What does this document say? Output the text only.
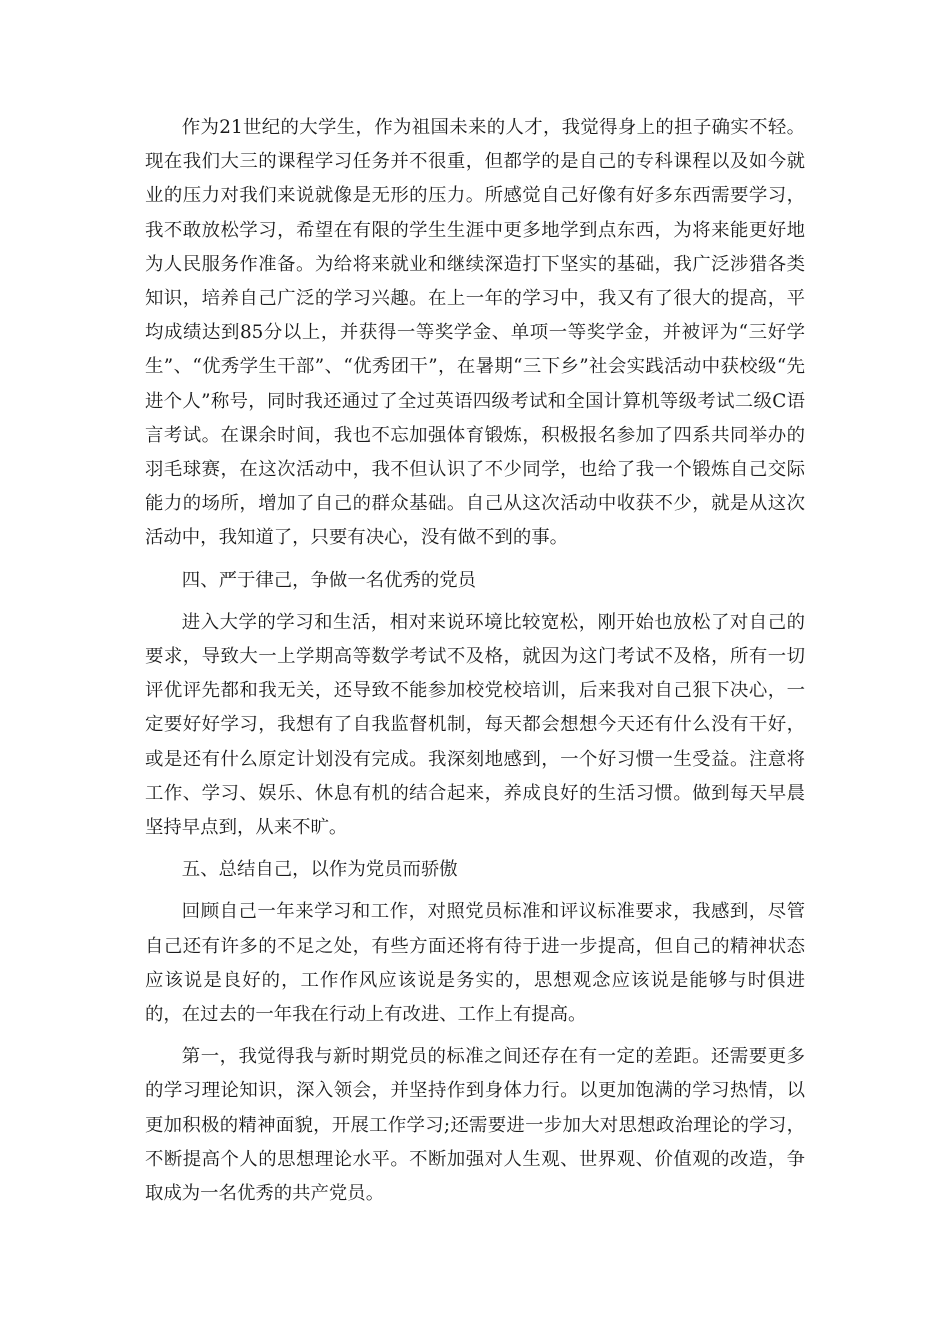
作为21世纪的大学生，作为祖国未来的人才，我觉得身上的担子确实不轻。现在我们大三的课程学习任务并不很重，但都学的是自己的专科课程以及如今就业的压力对我们来说就像是无形的压力。所感觉自己好像有好多东西需要学习，我不敢放松学习，希望在有限的学生生涯中更多地学到点东西，为将来能更好地为人民服务作准备。为给将来就业和继续深造打下坚实的基础，我广泛涉猎各类知识，培养自己广泛的学习兴趣。在上一年的学习中，我又有了很大的提高，平均成绩达到85分以上，并获得一等奖学金、单项一等奖学金，并被评为“三好学生”、“优秀学生干部”、“优秀团干”，在暑期“三下乡”社会实践活动中获校级“先进个人”称号，同时我还通过了全过英语四级考试和全国计算机等级考试二级C语言考试。在课余时间，我也不忘加强体育锻炼，积极报名参加了四系共同举办的羽毛球赛，在这次活动中，我不但认识了不少同学，也给了我一个锻炼自己交际能力的场所，增加了自己的群众基础。自己从这次活动中收获不少，就是从这次活动中，我知道了，只要有决心，没有做不到的事。

四、严于律己，争做一名优秀的党员

进入大学的学习和生活，相对来说环境比较宽松，刚开始也放松了对自己的要求，导致大一上学期高等数学考试不及格，就因为这门考试不及格，所有一切评优评先都和我无关，还导致不能参加校党校培训，后来我对自己狠下决心，一定要好好学习，我想有了自我监督机制，每天都会想想今天还有什么没有干好，或是还有什么原定计划没有完成。我深刻地感到，一个好习惯一生受益。注意将工作、学习、娱乐、休息有机的结合起来，养成良好的生活习惯。做到每天早晨坚持早点到，从来不旷。

五、总结自己，以作为党员而骄傲

回顾自己一年来学习和工作，对照党员标准和评议标准要求，我感到，尽管自己还有许多的不足之处，有些方面还将有待于进一步提高，但自己的精神状态应该说是良好的，工作作风应该说是务实的，思想观念应该说是能够与时俱进的，在过去的一年我在行动上有改进、工作上有提高。

第一，我觉得我与新时期党员的标准之间还存在有一定的差距。还需要更多的学习理论知识，深入领会，并坚持作到身体力行。以更加饱满的学习热情，以更加积极的精神面貌，开展工作学习;还需要进一步加大对思想政治理论的学习，不断提高个人的思想理论水平。不断加强对人生观、世界观、价值观的改造，争取成为一名优秀的共产党员。
